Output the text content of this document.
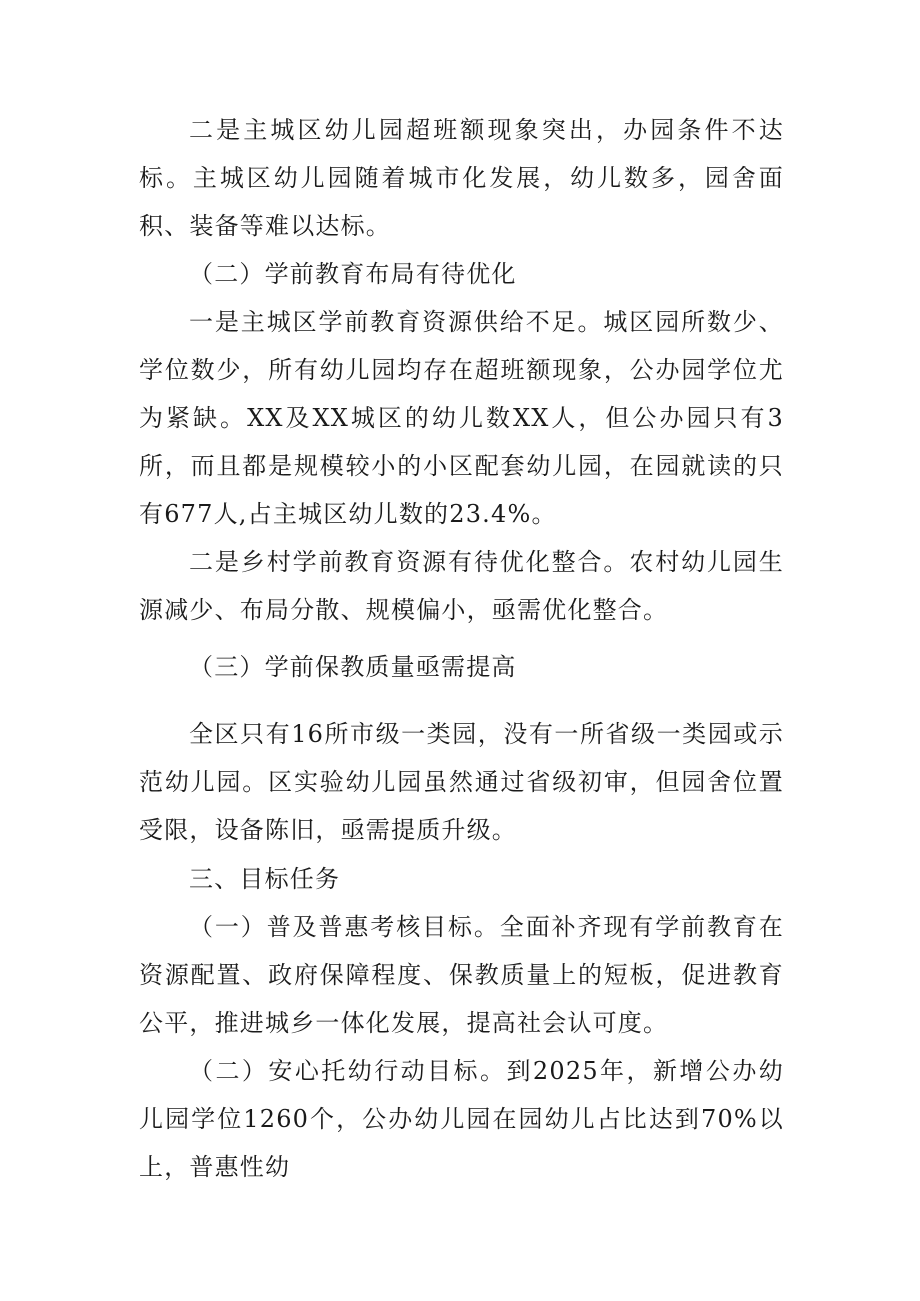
二是主城区幼儿园超班额现象突出，办园条件不达标。主城区幼儿园随着城市化发展，幼儿数多，园舍面积、装备等难以达标。

（二）学前教育布局有待优化

一是主城区学前教育资源供给不足。城区园所数少、学位数少，所有幼儿园均存在超班额现象，公办园学位尤为紧缺。XX及XX城区的幼儿数XX人，但公办园只有3所，而且都是规模较小的小区配套幼儿园，在园就读的只有677人,占主城区幼儿数的23.4%。

二是乡村学前教育资源有待优化整合。农村幼儿园生源减少、布局分散、规模偏小，亟需优化整合。

（三）学前保教质量亟需提高

全区只有16所市级一类园，没有一所省级一类园或示范幼儿园。区实验幼儿园虽然通过省级初审，但园舍位置受限，设备陈旧，亟需提质升级。

三、目标任务

（一）普及普惠考核目标。全面补齐现有学前教育在资源配置、政府保障程度、保教质量上的短板，促进教育公平，推进城乡一体化发展，提高社会认可度。

（二）安心托幼行动目标。到2025年，新增公办幼儿园学位1260个，公办幼儿园在园幼儿占比达到70%以上，普惠性幼
